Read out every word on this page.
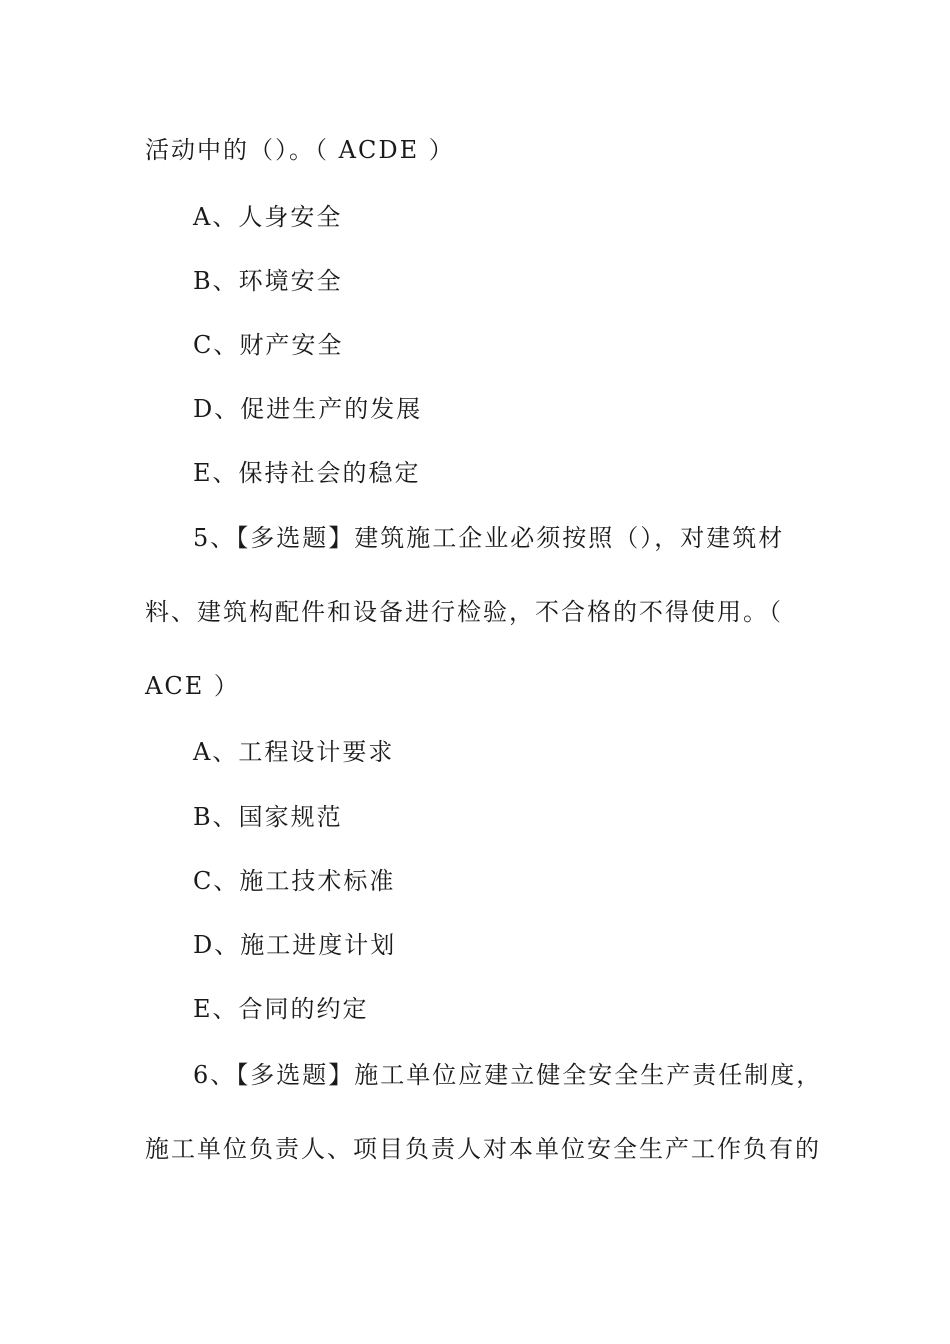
活动中的（）。（ ACDE ）
A、人身安全
B、环境安全
C、财产安全
D、促进生产的发展
E、保持社会的稳定
5、【多选题】建筑施工企业必须按照（），对建筑材
料、建筑构配件和设备进行检验，不合格的不得使用。（
ACE ）
A、工程设计要求
B、国家规范
C、施工技术标准
D、施工进度计划
E、合同的约定
6、【多选题】施工单位应建立健全安全生产责任制度，
施工单位负责人、项目负责人对本单位安全生产工作负有的
